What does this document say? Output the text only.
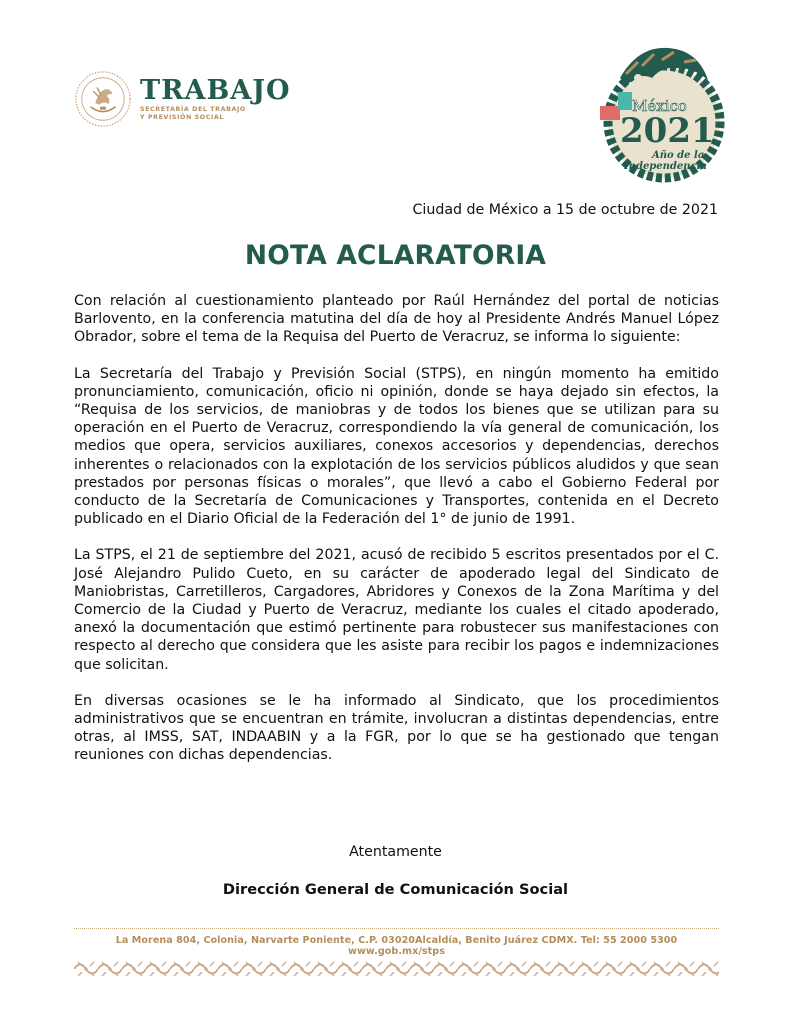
TRABAJO
SECRETARÍA DEL TRABAJO
Y PREVISIÓN SOCIAL
México
2021
Año de la
Independencia
Ciudad de México a 15 de octubre de 2021
NOTA ACLARATORIA

Con relación al cuestionamiento planteado por Raúl Hernández del portal de noticias Barlovento, en la conferencia matutina del día de hoy al Presidente Andrés Manuel López Obrador, sobre el tema de la Requisa del Puerto de Veracruz, se informa lo siguiente:

La Secretaría del Trabajo y Previsión Social (STPS), en ningún momento ha emitido pronunciamiento, comunicación, oficio ni opinión, donde se haya dejado sin efectos, la “Requisa de los servicios, de maniobras y de todos los bienes que se utilizan para su operación en el Puerto de Veracruz, correspondiendo la vía general de comunicación, los medios que opera, servicios auxiliares, conexos accesorios y dependencias, derechos inherentes o relacionados con la explotación de los servicios públicos aludidos y que sean prestados por personas físicas o morales”, que llevó a cabo el Gobierno Federal por conducto de la Secretaría de Comunicaciones y Transportes, contenida en el Decreto publicado en el Diario Oficial de la Federación del 1° de junio de 1991.

La STPS, el 21 de septiembre del 2021, acusó de recibido 5 escritos presentados por el C. José Alejandro Pulido Cueto, en su carácter de apoderado legal del Sindicato de Maniobristas, Carretilleros, Cargadores, Abridores y Conexos de la Zona Marítima y del Comercio de la Ciudad y Puerto de Veracruz, mediante los cuales el citado apoderado, anexó la documentación que estimó pertinente para robustecer sus manifestaciones con respecto al derecho que considera que les asiste para recibir los pagos e indemnizaciones que solicitan.

En diversas ocasiones se le ha informado al Sindicato, que los procedimientos administrativos que se encuentran en trámite, involucran a distintas dependencias, entre otras, al IMSS, SAT, INDAABIN y a la FGR, por lo que se ha gestionado que tengan reuniones con dichas dependencias.

Atentamente
Dirección General de Comunicación Social
La Morena 804, Colonia, Narvarte Poniente, C.P. 03020Alcaldía, Benito Juárez CDMX. Tel: 55 2000 5300 www.gob.mx/stps
